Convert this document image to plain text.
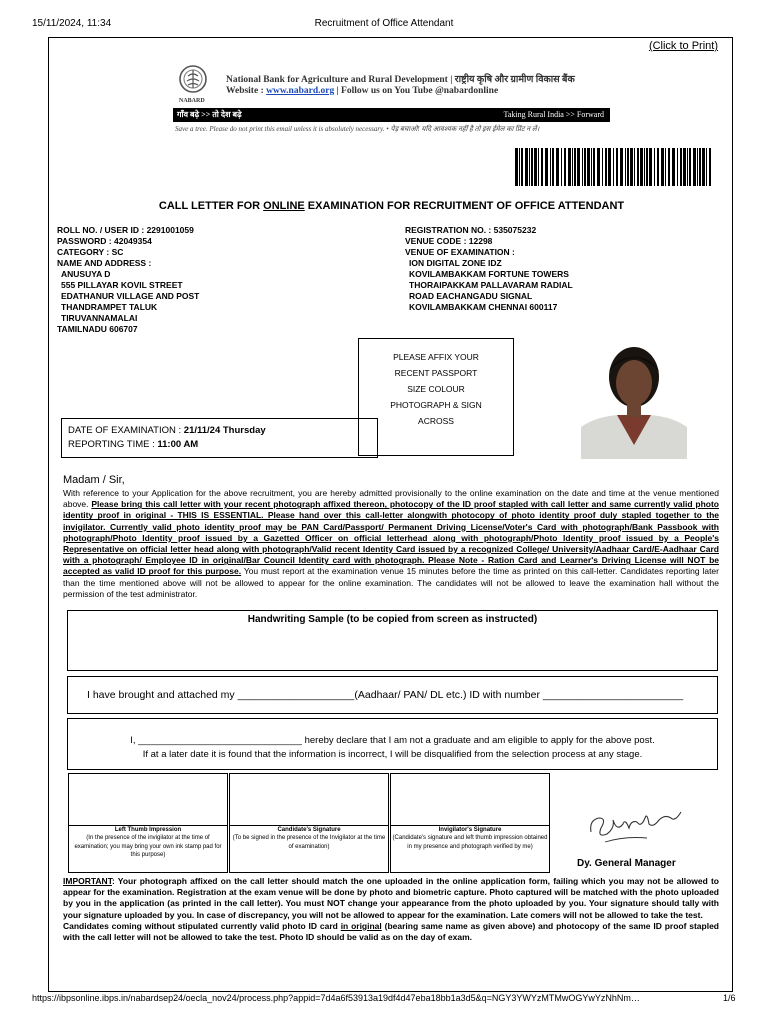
15/11/2024, 11:34	Recruitment of Office Attendant
(Click to Print)
NABARD
National Bank for Agriculture and Rural Development | राष्ट्रीय कृषि और ग्रामीण विकास बैंक
Website : www.nabard.org | Follow us on You Tube @nabardonline
गाँव बढ़े >> तो देश बढ़े	Taking Rural India >> Forward
Save a tree. Please do not print this email unless it is absolutely necessary. • पेड़ बचाओ! यदि आवश्यक नहीं है तो इस ईमेल का प्रिंट न लें।
CALL LETTER FOR ONLINE EXAMINATION FOR RECRUITMENT OF OFFICE ATTENDANT
ROLL NO. / USER ID : 2291001059
PASSWORD : 42049354
CATEGORY : SC
NAME AND ADDRESS :
ANUSUYA D
555 PILLAYAR KOVIL STREET
EDATHANUR VILLAGE AND POST
THANDRAMPET TALUK
TIRUVANNAMALAI
TAMILNADU 606707
REGISTRATION NO. : 535075232
VENUE CODE : 12298
VENUE OF EXAMINATION :
ION DIGITAL ZONE IDZ
KOVILAMBAKKAM FORTUNE TOWERS
THORAIPAKKAM PALLAVARAM RADIAL
ROAD EACHANGADU SIGNAL
KOVILAMBAKKAM CHENNAI 600117
PLEASE AFFIX YOUR
RECENT PASSPORT
SIZE COLOUR
PHOTOGRAPH & SIGN
ACROSS
DATE OF EXAMINATION : 21/11/24 Thursday
REPORTING TIME : 11:00 AM
Madam / Sir,
With reference to your Application for the above recruitment, you are hereby admitted provisionally to the online examination on the date and time at the venue mentioned above. Please bring this call letter with your recent photograph affixed thereon, photocopy of the ID proof stapled with call letter and same currently valid photo identity proof in original - THIS IS ESSENTIAL. Please hand over this call-letter alongwith photocopy of photo identity proof duly stapled together to the invigilator. Currently valid photo identity proof may be PAN Card/Passport/ Permanent Driving License/Voter's Card with photograph/Bank Passbook with photograph/Photo Identity proof issued by a Gazetted Officer on official letterhead along with photograph/Photo Identity proof issued by a People's Representative on official letter head along with photograph/Valid recent Identity Card issued by a recognized College/ University/Aadhaar Card/E-Aadhaar Card with a photograph/ Employee ID in original/Bar Council Identity card with photograph. Please Note - Ration Card and Learner's Driving License will NOT be accepted as valid ID proof for this purpose. You must report at the examination venue 15 minutes before the time as printed on this call-letter. Candidates reporting later than the time mentioned above will not be allowed to appear for the online examination. The candidates will not be allowed to leave the examination hall without the permission of the test administrator.
Handwriting Sample (to be copied from screen as instructed)
I have brought and attached my ____________________(Aadhaar/ PAN/ DL etc.) ID with number ________________________
I, _______________________________ hereby declare that I am not a graduate and am eligible to apply for the above post.
If at a later date it is found that the information is incorrect, I will be disqualified from the selection process at any stage.
Left Thumb Impression
(In the presence of the invigilator at the time of examination; you may bring your own ink stamp pad for this purpose)
Candidate's Signature
(To be signed in the presence of the Invigilator at the time of examination)
Invigilator's Signature
(Candidate's signature and left thumb impression obtained in my presence and photograph verified by me)
Dy. General Manager
IMPORTANT: Your photograph affixed on the call letter should match the one uploaded in the online application form, failing which you may not be allowed to appear for the examination. Registration at the exam venue will be done by photo and biometric capture. Photo captured will be matched with the photo uploaded by you in the application (as printed in the call letter). You must NOT change your appearance from the photo uploaded by you. Your signature should tally with your signature uploaded by you. In case of discrepancy, you will not be allowed to appear for the examination. Late comers will not be allowed to take the test.
Candidates coming without stipulated currently valid photo ID card in original (bearing same name as given above) and photocopy of the same ID proof stapled with the call letter will not be allowed to take the test. Photo ID should be valid as on the day of exam.
https://ibpsonline.ibps.in/nabardsep24/oecla_nov24/process.php?appid=7d4a6f53913a19df4d47eba18bb1a3d5&q=NGY3YWYzMTMwOGYwYzNhNm…	1/6
